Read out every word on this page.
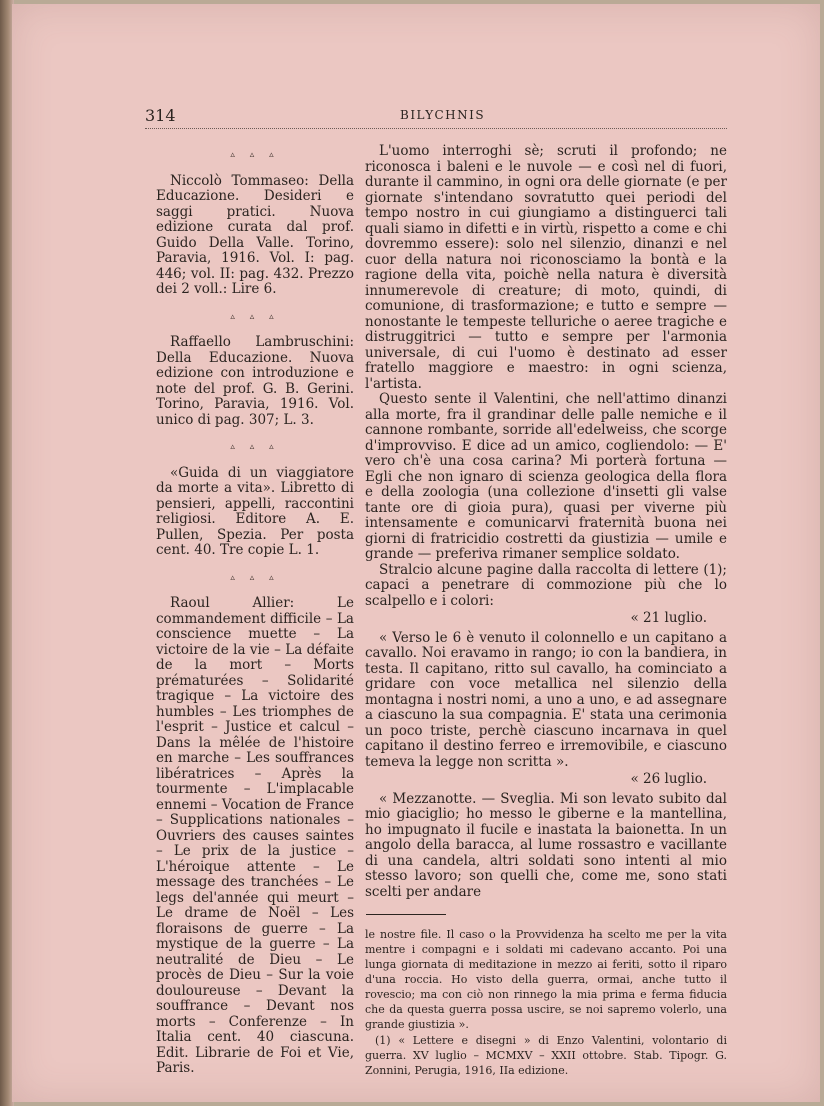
314	BILYCHNIS
▵ ▵ ▵

Niccolò Tommaseo: Della Educazione. Desideri e saggi pratici. Nuova edizione curata dal prof. Guido Della Valle. Torino, Paravia, 1916. Vol. I: pag. 446; vol. II: pag. 432. Prezzo dei 2 voll.: Lire 6.

▵ ▵ ▵

Raffaello Lambruschini: Della Educazione. Nuova edizione con introduzione e note del prof. G. B. Gerini. Torino, Paravia, 1916. Vol. unico di pag. 307; L. 3.

▵ ▵ ▵

«Guida di un viaggiatore da morte a vita». Libretto di pensieri, appelli, raccontini religiosi. Editore A. E. Pullen, Spezia. Per posta cent. 40. Tre copie L. 1.

▵ ▵ ▵

Raoul Allier: Le commandement difficile – La conscience muette – La victoire de la vie – La défaite de la mort – Morts prématurées – Solidarité tragique – La victoire des humbles – Les triomphes de l'esprit – Justice et calcul – Dans la mêlée de l'histoire en marche – Les souffrances libératrices – Après la tourmente – L'implacable ennemi – Vocation de France – Supplications nationales – Ouvriers des causes saintes – Le prix de la justice – L'héroique attente – Le message des tranchées – Le legs del'année qui meurt – Le drame de Noël – Les floraisons de guerre – La mystique de la guerre – La neutralité de Dieu – Le procès de Dieu – Sur la voie douloureuse – Devant la souffrance – Devant nos morts – Conferenze – In Italia cent. 40 ciascuna. Edit. Librarie de Foi et Vie, Paris.

L'uomo interroghi sè; scruti il profondo; ne riconosca i baleni e le nuvole — e così nel di fuori, durante il cammino, in ogni ora delle giornate (e per giornate s'intendano sovratutto quei periodi del tempo nostro in cui giungiamo a distinguerci tali quali siamo in difetti e in virtù, rispetto a come e chi dovremmo essere): solo nel silenzio, dinanzi e nel cuor della natura noi riconosciamo la bontà e la ragione della vita, poichè nella natura è diversità innumerevole di creature; di moto, quindi, di comunione, di trasformazione; e tutto e sempre — nonostante le tempeste telluriche o aeree tragiche e distruggitrici — tutto e sempre per l'armonia universale, di cui l'uomo è destinato ad esser fratello maggiore e maestro: in ogni scienza, l'artista.

Questo sente il Valentini, che nell'attimo dinanzi alla morte, fra il grandinar delle palle nemiche e il cannone rombante, sorride all'edelweiss, che scorge d'improvviso. E dice ad un amico, cogliendolo: — E' vero ch'è una cosa carina? Mi porterà fortuna — Egli che non ignaro di scienza geologica della flora e della zoologia (una collezione d'insetti gli valse tante ore di gioia pura), quasi per viverne più intensamente e comunicarvi fraternità buona nei giorni di fratricidio costretti da giustizia — umile e grande — preferiva rimaner semplice soldato.

Stralcio alcune pagine dalla raccolta di lettere (1); capaci a penetrare di commozione più che lo scalpello e i colori:

« 21 luglio.

« Verso le 6 è venuto il colonnello e un capitano a cavallo. Noi eravamo in rango; io con la bandiera, in testa. Il capitano, ritto sul cavallo, ha cominciato a gridare con voce metallica nel silenzio della montagna i nostri nomi, a uno a uno, e ad assegnare a ciascuno la sua compagnia. E' stata una cerimonia un poco triste, perchè ciascuno incarnava in quel capitano il destino ferreo e irremovibile, e ciascuno temeva la legge non scritta ».

« 26 luglio.

« Mezzanotte. — Sveglia. Mi son levato subito dal mio giaciglio; ho messo le giberne e la mantellina, ho impugnato il fucile e inastata la baionetta. In un angolo della baracca, al lume rossastro e vacillante di una candela, altri soldati sono intenti al mio stesso lavoro; son quelli che, come me, sono stati scelti per andare

le nostre file. Il caso o la Provvidenza ha scelto me per la vita mentre i compagni e i soldati mi cadevano accanto. Poi una lunga giornata di meditazione in mezzo ai feriti, sotto il riparo d'una roccia. Ho visto della guerra, ormai, anche tutto il rovescio; ma con ciò non rinnego la mia prima e ferma fiducia che da questa guerra possa uscire, se noi sapremo volerlo, una grande giustizia ».

(1) « Lettere e disegni » di Enzo Valentini, volontario di guerra. XV luglio – MCMXV – XXII ottobre. Stab. Tipogr. G. Zonnini, Perugia, 1916, IIa edizione.
